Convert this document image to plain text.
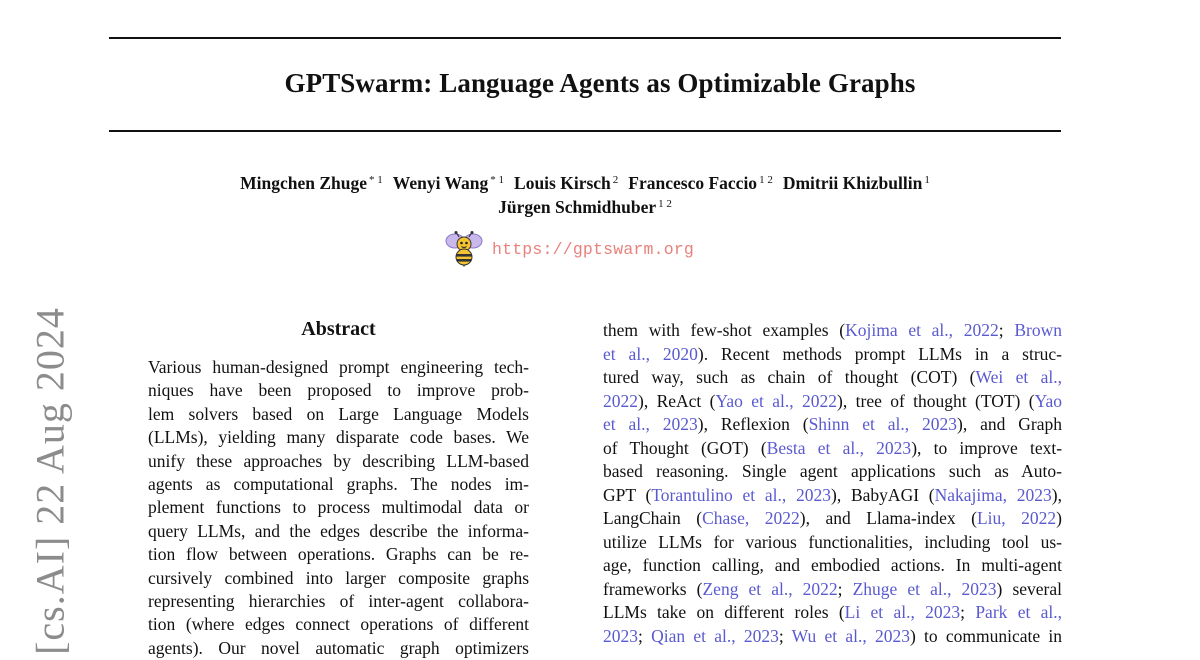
GPTSwarm: Language Agents as Optimizable Graphs
Mingchen Zhuge $^{* 1}$ Wenyi Wang $^{* 1}$ Louis Kirsch $^2$ Francesco Faccio $^{1 2}$ Dmitrii Khizbullin $^1$
Jürgen Schmidhuber $^{1 2}$
https://gptswarm.org
[cs.AI] 22 Aug 2024	Abstract
Various human-designed prompt engineering tech-
niques have been proposed to improve prob-
lem solvers based on Large Language Models
(LLMs), yielding many disparate code bases. We
unify these approaches by describing LLM-based
agents as computational graphs. The nodes im-
plement functions to process multimodal data or
query LLMs, and the edges describe the informa-
tion flow between operations. Graphs can be re-
cursively combined into larger composite graphs
representing hierarchies of inter-agent collabora-
tion (where edges connect operations of different
agents). Our novel automatic graph optimizers
them with few-shot examples (Kojima et al., 2022; Brown
et al., 2020). Recent methods prompt LLMs in a struc-
tured way, such as chain of thought (COT) (Wei et al.,
2022), ReAct (Yao et al., 2022), tree of thought (TOT) (Yao
et al., 2023), Reflexion (Shinn et al., 2023), and Graph
of Thought (GOT) (Besta et al., 2023), to improve text-
based reasoning. Single agent applications such as Auto-
GPT (Torantulino et al., 2023), BabyAGI (Nakajima, 2023),
LangChain (Chase, 2022), and Llama-index (Liu, 2022)
utilize LLMs for various functionalities, including tool us-
age, function calling, and embodied actions. In multi-agent
frameworks (Zeng et al., 2022; Zhuge et al., 2023) several
LLMs take on different roles (Li et al., 2023; Park et al.,
2023; Qian et al., 2023; Wu et al., 2023) to communicate in
